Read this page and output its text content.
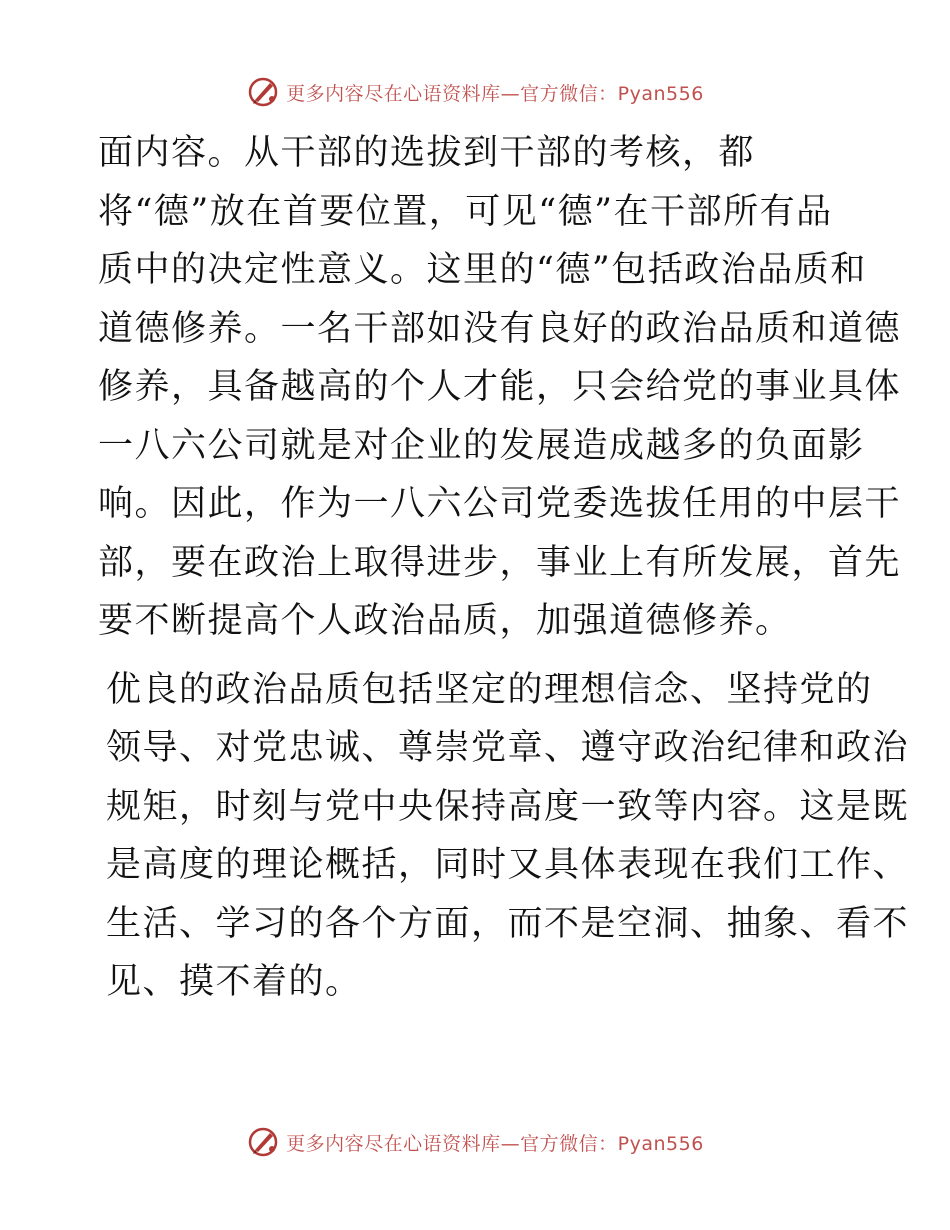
更多内容尽在心语资料库—官方微信：Pyan556

面内容。从干部的选拔到干部的考核，都
将“德”放在首要位置，可见“德”在干部所有品
质中的决定性意义。这里的“德”包括政治品质和
道德修养。一名干部如没有良好的政治品质和道德
修养，具备越高的个人才能，只会给党的事业具体
一八六公司就是对企业的发展造成越多的负面影
响。因此，作为一八六公司党委选拔任用的中层干
部，要在政治上取得进步，事业上有所发展，首先
要不断提高个人政治品质，加强道德修养。

优良的政治品质包括坚定的理想信念、坚持党的
领导、对党忠诚、尊崇党章、遵守政治纪律和政治
规矩，时刻与党中央保持高度一致等内容。这是既
是高度的理论概括，同时又具体表现在我们工作、
生活、学习的各个方面，而不是空洞、抽象、看不
见、摸不着的。

更多内容尽在心语资料库—官方微信：Pyan556
